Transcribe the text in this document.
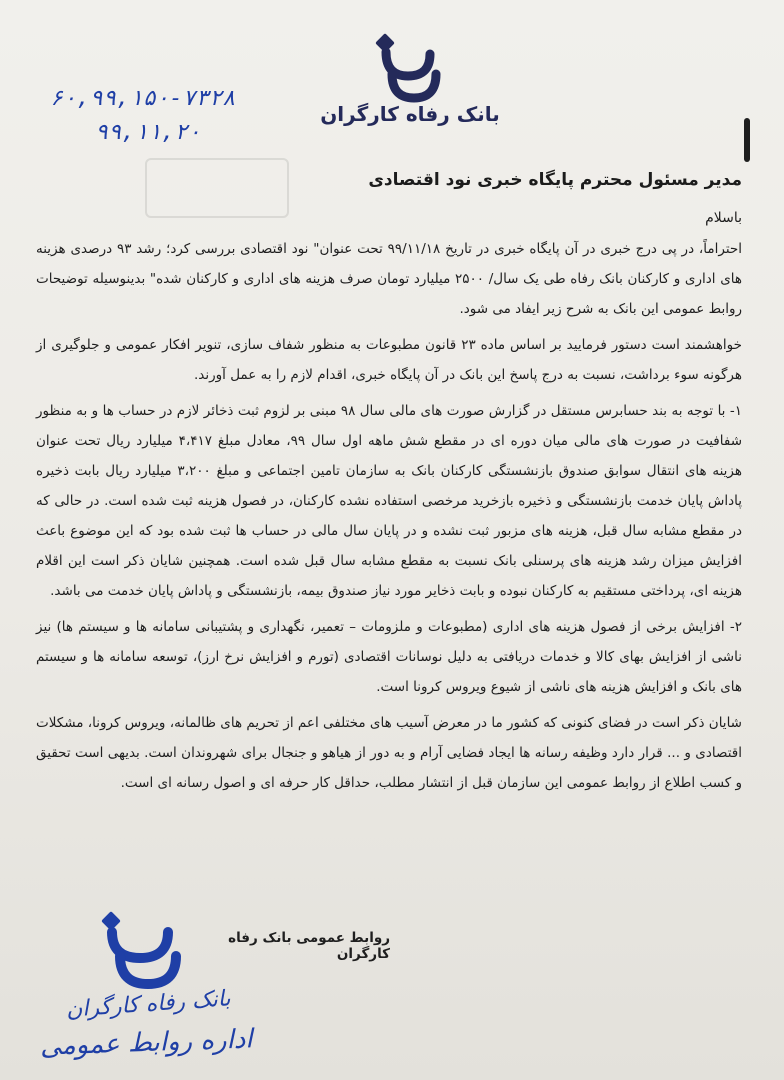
بانک رفاه کارگران
۶۰,۹۹,۱۵۰-۷۳۲۸
۹۹,۱۱,۲۰
مدیر مسئول محترم پایگاه خبری نود اقتصادی
باسلام

احتراماً، در پی درج خبری در آن پایگاه خبری در تاریخ ۹۹/۱۱/۱۸ تحت عنوان" نود اقتصادی بررسی کرد؛ رشد ۹۳ درصدی هزینه های اداری و کارکنان بانک رفاه طی یک سال/ ۲۵۰۰ میلیارد تومان صرف هزینه های اداری و کارکنان شده" بدینوسیله توضیحات روابط عمومی این بانک به شرح زیر ایفاد می شود.

خواهشمند است دستور فرمایید بر اساس ماده ۲۳ قانون مطبوعات به منظور شفاف سازی، تنویر افکار عمومی و جلوگیری از هرگونه سوء برداشت، نسبت به درج پاسخ این بانک در آن پایگاه خبری، اقدام لازم را به عمل آورند.

۱- با توجه به بند حسابرس مستقل در گزارش صورت های مالی سال ۹۸ مبنی بر لزوم ثبت ذخائر لازم در حساب ها و به منظور شفافیت در صورت های مالی میان دوره ای در مقطع شش ماهه اول سال ۹۹، معادل مبلغ ۴،۴۱۷ میلیارد ریال تحت عنوان هزینه های انتقال سوابق صندوق بازنشستگی کارکنان بانک به سازمان تامین اجتماعی و مبلغ ۳،۲۰۰ میلیارد ریال بابت ذخیره پاداش پایان خدمت بازنشستگی و ذخیره بازخرید مرخصی استفاده نشده کارکنان، در فصول هزینه ثبت شده است. در حالی که در مقطع مشابه سال قبل، هزینه های مزبور ثبت نشده و در پایان سال مالی در حساب ها ثبت شده بود که این موضوع باعث افزایش میزان رشد هزینه های پرسنلی بانک نسبت به مقطع مشابه سال قبل شده است. همچنین شایان ذکر است این اقلام هزینه ای، پرداختی مستقیم به کارکنان نبوده و بابت ذخایر مورد نیاز صندوق بیمه، بازنشستگی و پاداش پایان خدمت می باشد.

۲- افزایش برخی از فصول هزینه های اداری (مطبوعات و ملزومات – تعمیر، نگهداری و پشتیبانی سامانه ها و سیستم ها) نیز ناشی از افزایش بهای کالا و خدمات دریافتی به دلیل نوسانات اقتصادی (تورم و افزایش نرخ ارز)، توسعه سامانه ها و سیستم های بانک و افزایش هزینه های ناشی از شیوع ویروس کرونا است.

شایان ذکر است در فضای کنونی که کشور ما در معرض آسیب های مختلفی اعم از تحریم های ظالمانه، ویروس کرونا، مشکلات اقتصادی و ... قرار دارد وظیفه رسانه ها ایجاد فضایی آرام و به دور از هیاهو و جنجال برای شهروندان است. بدیهی است تحقیق و کسب اطلاع از روابط عمومی این سازمان قبل از انتشار مطلب، حداقل کار حرفه ای و اصول رسانه ای است.

روابط عمومی بانک رفاه کارگران
بانک رفاه کارگران
اداره روابط عمومی
